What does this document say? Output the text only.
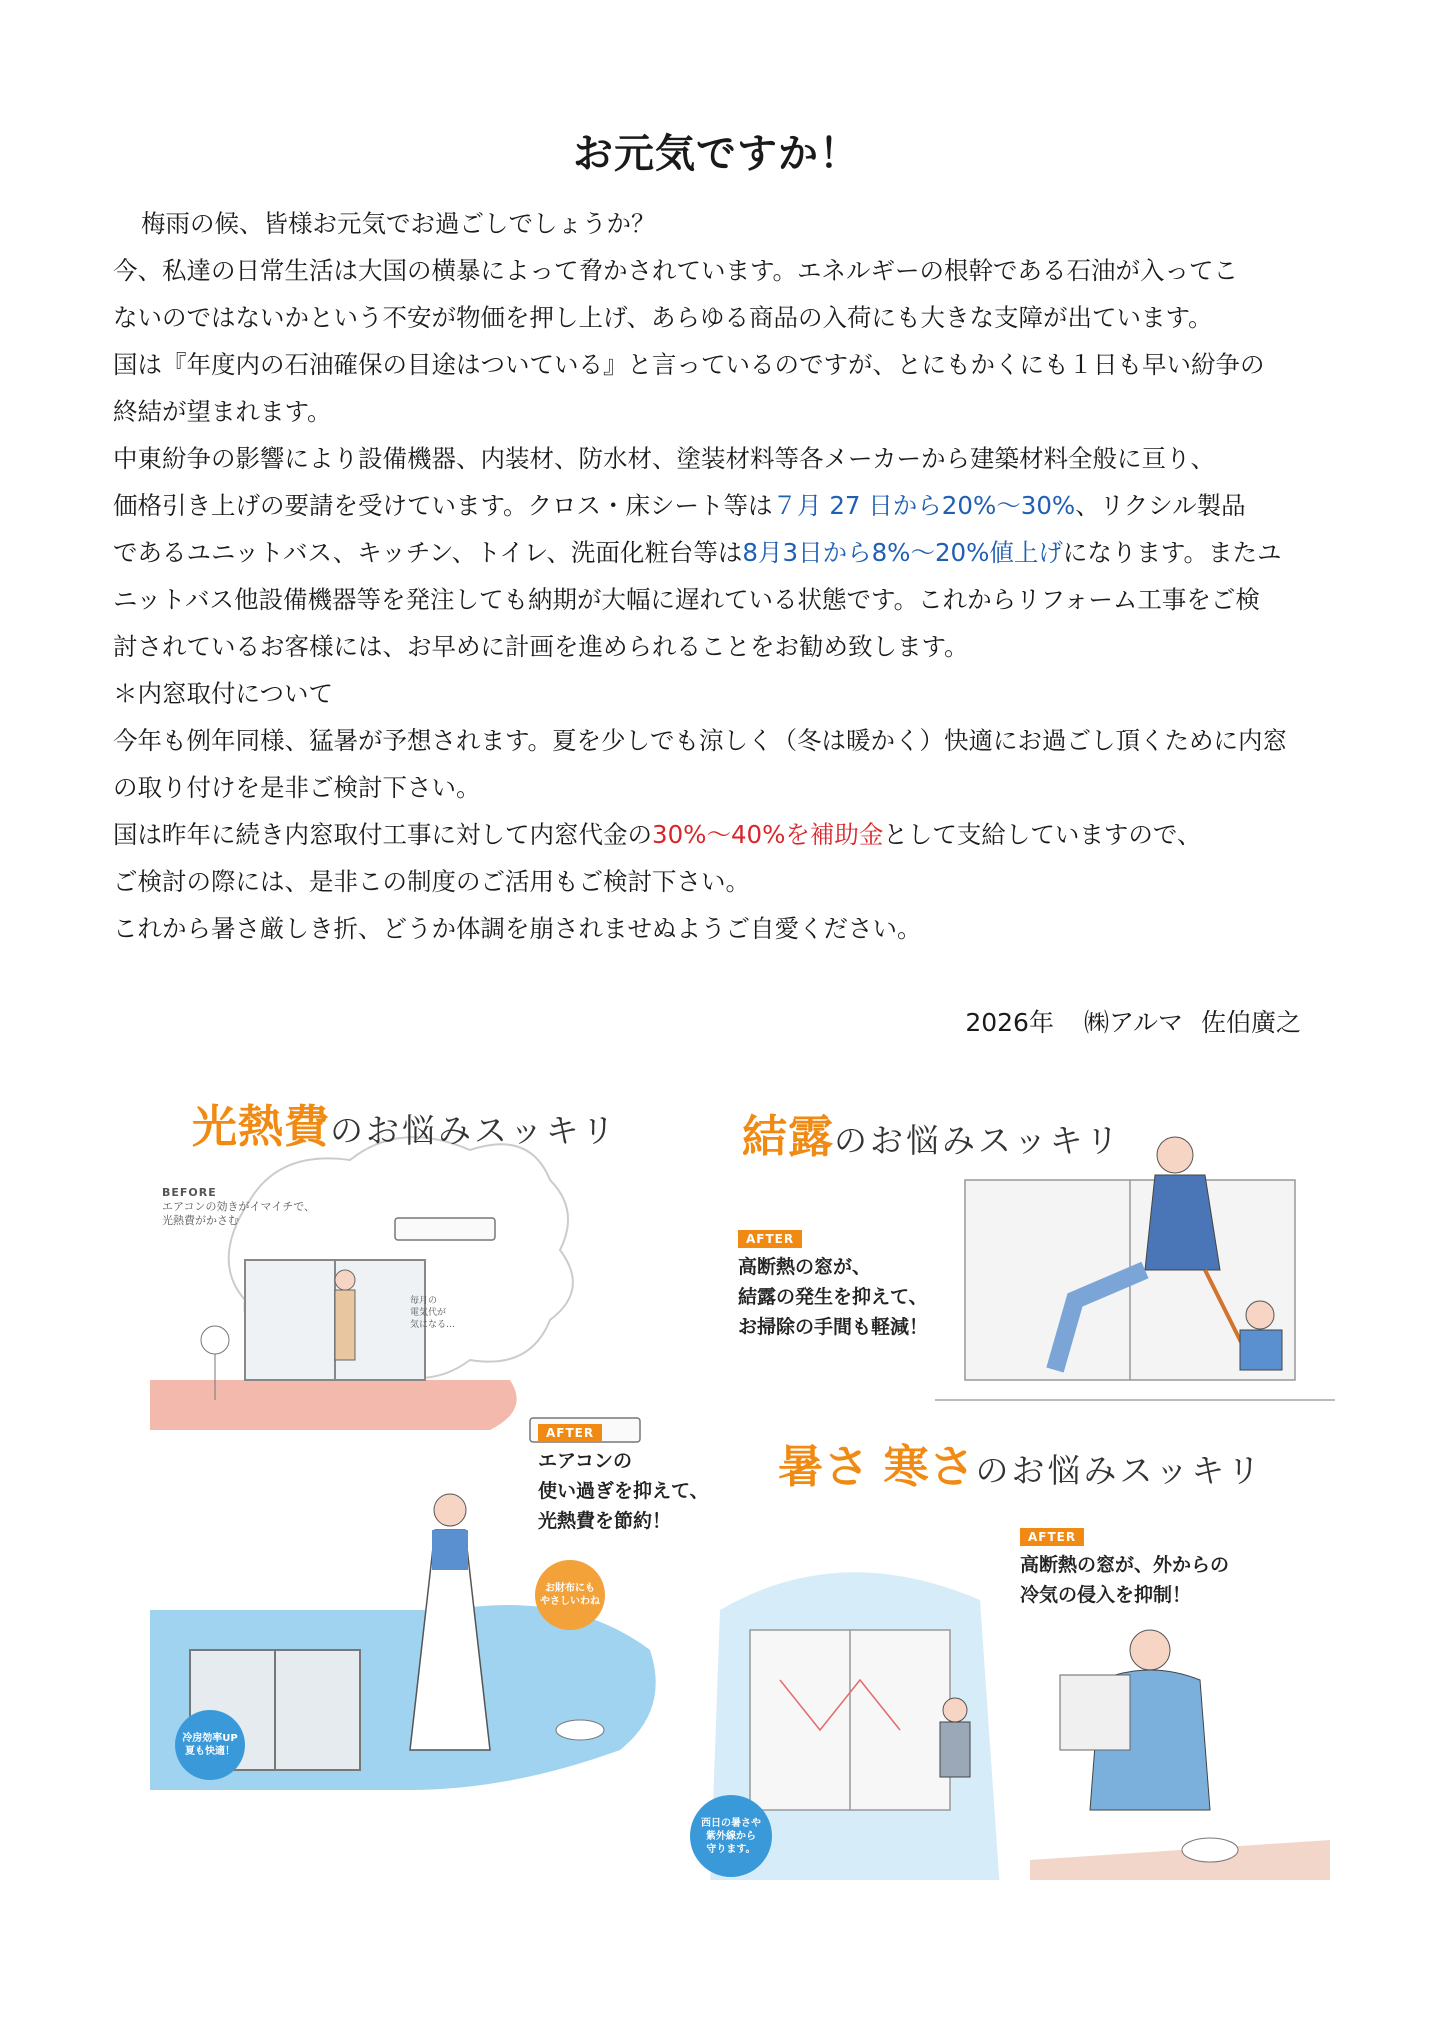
お元気ですか！

梅雨の候、皆様お元気でお過ごしでしょうか？

今、私達の日常生活は大国の横暴によって脅かされています。エネルギーの根幹である石油が入ってこ

ないのではないかという不安が物価を押し上げ、あらゆる商品の入荷にも大きな支障が出ています。

国は『年度内の石油確保の目途はついている』と言っているのですが、とにもかくにも１日も早い紛争の

終結が望まれます。

中東紛争の影響により設備機器、内装材、防水材、塗装材料等各メーカーから建築材料全般に亘り、

価格引き上げの要請を受けています。クロス・床シート等は７月 27 日から20%～30%、リクシル製品

であるユニットバス、キッチン、トイレ、洗面化粧台等は8月3日から8%～20%値上げになります。またユ

ニットバス他設備機器等を発注しても納期が大幅に遅れている状態です。これからリフォーム工事をご検

討されているお客様には、お早めに計画を進められることをお勧め致します。

＊内窓取付について

今年も例年同様、猛暑が予想されます。夏を少しでも涼しく（冬は暖かく）快適にお過ごし頂くために内窓

の取り付けを是非ご検討下さい。

国は昨年に続き内窓取付工事に対して内窓代金の30%～40%を補助金として支給していますので、

ご検討の際には、是非この制度のご活用もご検討下さい。

これから暑さ厳しき折、どうか体調を崩されませぬようご自愛ください。

2026年 ㈱アルマ 佐伯廣之
光熱費のお悩みスッキリ
BEFORE
エアコンの効きがイマイチで、
光熱費がかさむ
毎月の
電気代が
気になる…
AFTER
エアコンの
使い過ぎを抑えて、
光熱費を節約！
お財布にも
やさしいわね
冷房効率UP
夏も快適！
結露のお悩みスッキリ
AFTER
高断熱の窓が、
結露の発生を抑えて、
お掃除の手間も軽減！
暑さ 寒さのお悩みスッキリ
AFTER
高断熱の窓が、外からの
冷気の侵入を抑制！
西日の暑さや
紫外線から
守ります。
